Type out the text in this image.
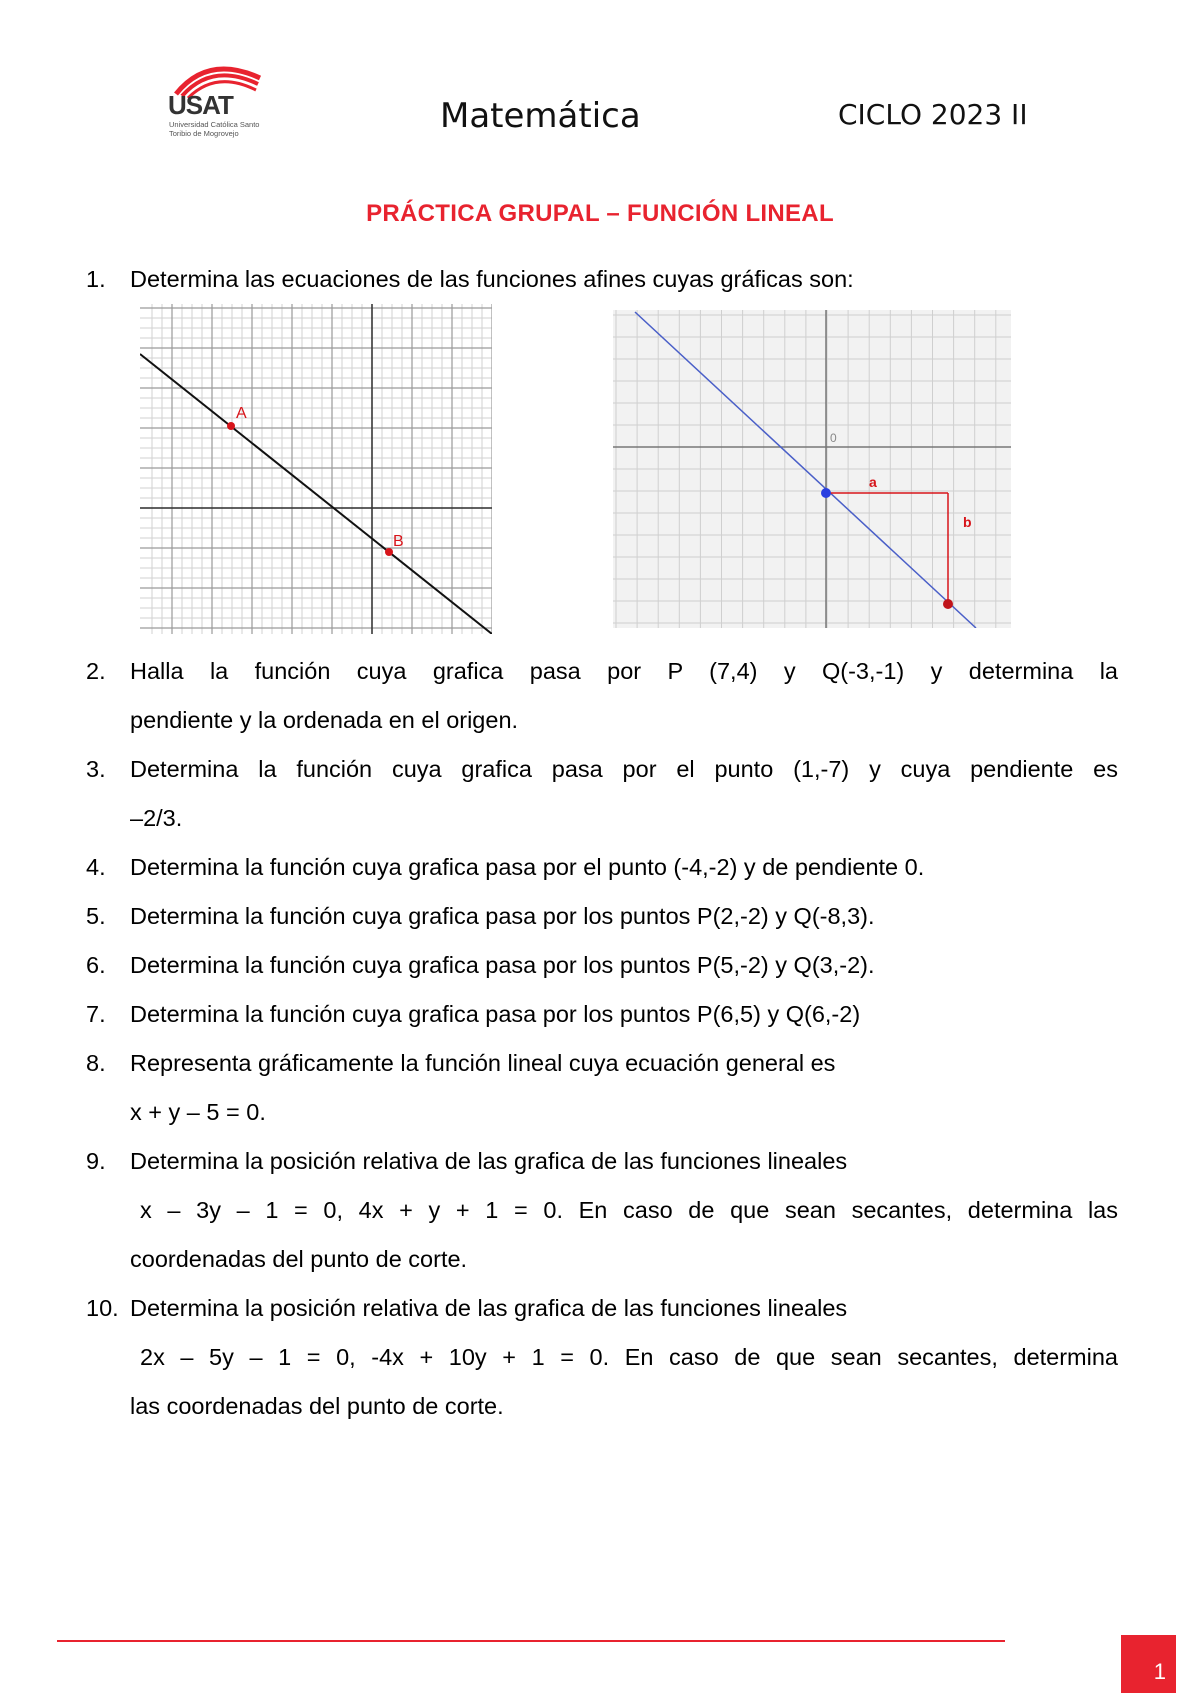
USAT
Universidad Católica Santo Toribio de Mogrovejo	Matemática	CICLO 2023 II
PRÁCTICA GRUPAL – FUNCIÓN LINEAL
1. Determina las ecuaciones de las funciones afines cuyas gráficas son:
A
B
0
a
b
2. Halla la función cuya grafica pasa por P (7,4) y Q(-3,-1) y determina la
pendiente y la ordenada en el origen.
3. Determina la función cuya grafica pasa por el punto (1,-7) y cuya pendiente es
–2/3.
4. Determina la función cuya grafica pasa por el punto (-4,-2) y de pendiente 0.
5. Determina la función cuya grafica pasa por los puntos P(2,-2) y Q(-8,3).
6. Determina la función cuya grafica pasa por los puntos P(5,-2) y Q(3,-2).
7. Determina la función cuya grafica pasa por los puntos P(6,5) y Q(6,-2)
8. Representa gráficamente la función lineal cuya ecuación general es
x + y – 5 = 0.
9. Determina la posición relativa de las grafica de las funciones lineales
x – 3y – 1 = 0, 4x + y + 1 = 0. En caso de que sean secantes, determina las
coordenadas del punto de corte.
10. Determina la posición relativa de las grafica de las funciones lineales
2x – 5y – 1 = 0, -4x + 10y + 1 = 0. En caso de que sean secantes, determina
las coordenadas del punto de corte.
1
